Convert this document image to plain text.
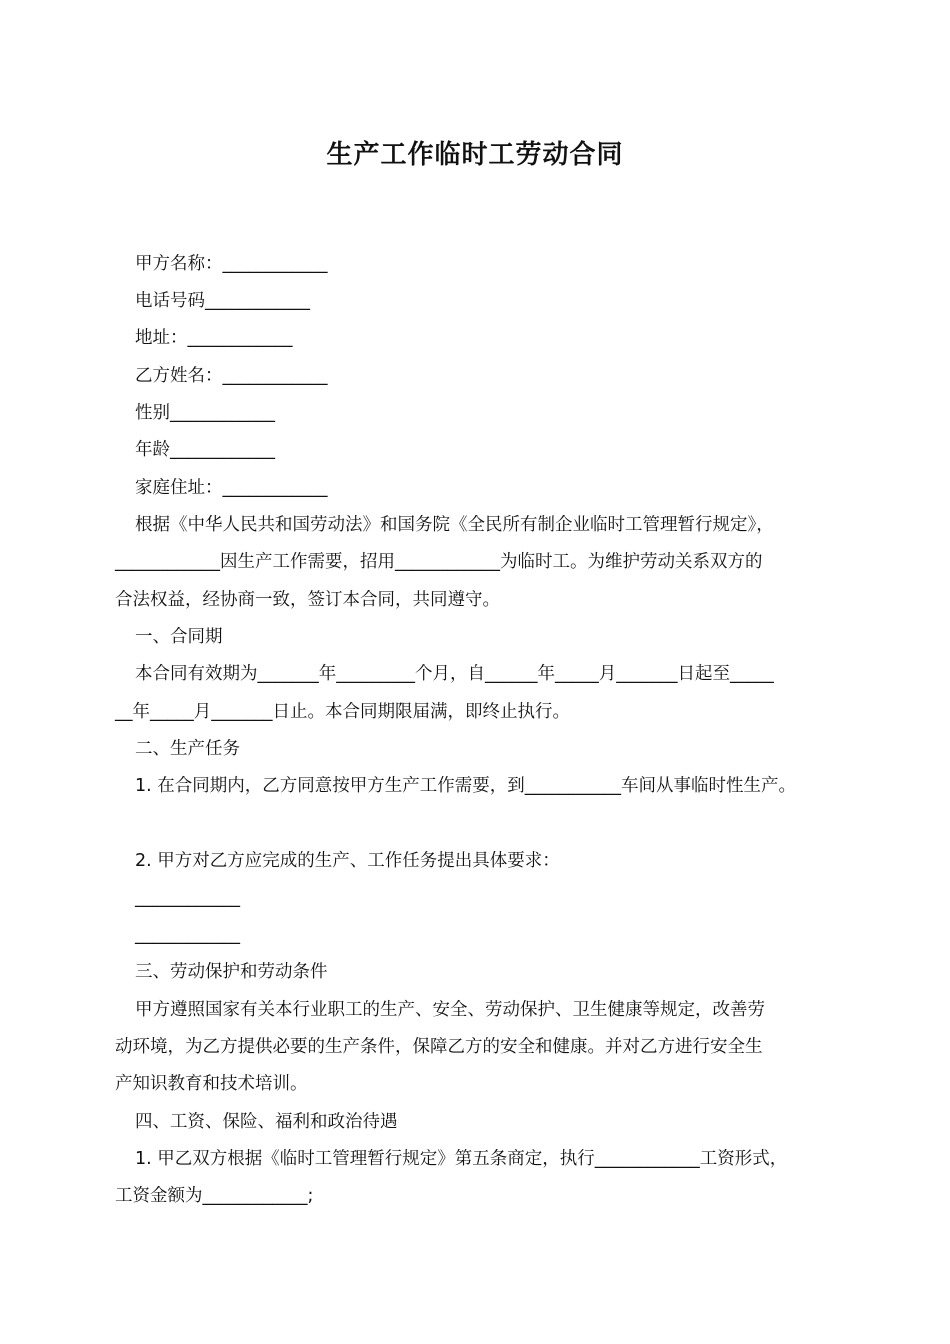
生产工作临时工劳动合同
甲方名称：____________
电话号码____________
地址：____________
乙方姓名：____________
性别____________
年龄____________
家庭住址：____________
根据《中华人民共和国劳动法》和国务院《全民所有制企业临时工管理暂行规定》，
____________因生产工作需要，招用____________为临时工。为维护劳动关系双方的
合法权益，经协商一致，签订本合同，共同遵守。
一、合同期
本合同有效期为_______年_________个月，自______年_____月_______日起至_____
__年_____月_______日止。本合同期限届满，即终止执行。
二、生产任务
1. 在合同期内，乙方同意按甲方生产工作需要，到___________车间从事临时性生产。
2. 甲方对乙方应完成的生产、工作任务提出具体要求：
____________
____________
三、劳动保护和劳动条件
甲方遵照国家有关本行业职工的生产、安全、劳动保护、卫生健康等规定，改善劳
动环境，为乙方提供必要的生产条件，保障乙方的安全和健康。并对乙方进行安全生
产知识教育和技术培训。
四、工资、保险、福利和政治待遇
1. 甲乙双方根据《临时工管理暂行规定》第五条商定，执行____________工资形式，
工资金额为____________;
